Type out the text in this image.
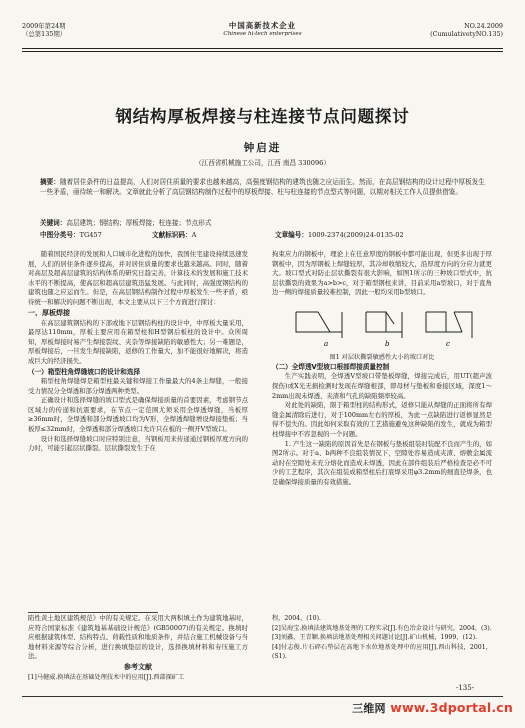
2009年第24期
（总第135期）
中国高新技术企业
Chinese hi-tech enterprises
NO.24.2009
(CumulativetyNO.135)
钢结构厚板焊接与柱连接节点问题探讨
钟启进
（江西省机械施工公司，江西 南昌 330096）
摘要：随着居住条件的日益提高，人们对居住质量的要求也越来越高，高强度钢结构的建筑也随之应运而生。然而，在高层钢结构的设计过程中厚板发生一些矛盾，亟待统一和解决。文章就此分析了高层钢结构制作过程中的厚板焊接、柱与柱连接的节点型式等问题，以期对相关工作人员提供借鉴。
关键词：高层建筑；钢结构；厚板焊接；柱连接；节点形式
中图分类号：TG457	文献标识码：A	文章编号：1009-2374(2009)24-0135-02

随着国民经济的发展和人口城市化进程的加快，我国住宅建设持续迅速发展，人们的居住条件逐步提高，并对居住质量的要求也越来越高。同时，随着对高层及超高层建筑的结构体系的研究日趋完善，计算技术的发展和施工技术水平的不断提高，使高层和超高层建筑迅猛发展。与此同时，高强度钢结构的建筑也随之应运而生。但是，在高层钢结构制作过程中厚板发生一些矛盾，亟待统一和解决的问题不断出现，本文主要从以下三个方面进行探讨：

一、厚板焊接

在高层建筑钢结构的下部或地下层钢结构柱的设计中，中厚板大量采用，最厚达110mm，厚板主要应用在箱型柱和H型钢后板柱的设计中。众所周知，厚板焊接时易产生焊接裂纹、夹杂等焊接缺陷的敏感性大；另一难题是，厚板焊接后，一旦发生焊接缺陷，返修的工作量大，加不能很好地解决，将造成巨大的经济损失。

（一）箱型柱角焊缝坡口的设计和选择

箱型柱角焊缝焊是箱型柱最关键和焊接工作量最大的4条主焊缝，一般接受力情况分全焊透和部分焊透两种类型。

正确设计和选择焊缝的坡口型式是确保焊接质量的首要因素，考虑钢节点区域力的传递和抗震要求，在节点一定范围尤须采用全焊透焊缝，当板厚≥36mm时，全焊透和部分焊透坡口均为V形，全焊透焊缝增设焊接垫板；当板厚≤32mm时，全焊透和部分焊透坡口允许只在板的一侧开V型坡口。

设计和选择焊缝坡口时应特别注意，当钢板用来传递通过钢板厚度方向的力时，可能引起层状撕裂。层状撕裂发生于在

拘束应力的钢板中，理论上在任意厚度的钢板中都可能出现，但更多出现于厚钢板中，因为厚钢板上焊缝较厚，其冷却收缩较大，沿厚度方向的分应力就更大。坡口型式对防止层状撕裂有很大影响，如图1所示的三种坡口型式中，抗层状撕裂的效果为a>b>c，对于箱型钢柱来讲，目前采用a型坡口，对于直角边一侧的焊接质量较难控制，因此一般均采用b型坡口。

a	b	c
图1 对层状撕裂敏感性大小的坡口对比
（二）全焊透V型坡口根部焊接质量控制

生产实践表明，全焊透V型坡口带垫板焊缝，焊接完成后，用UT(超声波探伤)或X光无损检测时发现在焊缝根部，即母材与垫板和垂接区域，深度1～2mm出现未焊透、夹渣和气孔的缺陷频率较高。

对此处的缺陷，限于箱型柱的结构形式，返修只能从焊缝的正面将所有焊缝金属清除后进行，对于100mm左右的厚板，为此一点缺陷进行返修显然是得不偿失的。因此如何采取有效的工艺措施避免这种缺陷的发生，就成为箱型柱焊接中不容忽视的一个问题。

1. 产生这一缺陷的原因首先是在钢板与垫板组装时装配不良而产生的，如图2所示。对于a、b两种不良组装情况下，空隙处容易造成夹渣、熔敷金属流动时在空隙处未充分熔化而造成未焊透，因此在部件组装后严格检查是必不可少的工艺程序，其次在组装成箱型柱后打底焊采用φ3.2mm的细直径焊条，也是确保焊接质量的有效措施。

陷性黄土地区建筑规范》中的有关规定。在采用大两积填土作为建筑地基时，应符合国家标准《建筑地基基础设计规范》(GB50007)的有关规定。换填时应根据建筑体型、结构特点、荷载性质和地质条件，并结合施工机械设备与当地材料来源等综合分析，进行换填垫层的设计，选择换填材料和夯压施工方法。

参考文献

[1]马健威.换填法在基础处理技术中的应用[J].西部探矿工

程，2004，(10).

[2]吴海宝.换填法建筑地基处理的工程实录[J].有色冶金设计与研究，2004，(3).

[3]刘鑫，王青颖.换填法地基处理相关问题讨论[J].矿山机械，1999，(12).

[4]付志俊.片石碎石垫层在高地下水位地基处理中的应用[J].西山科技，2001，(S1).

-135-
三维网 www.3dportal.cn
